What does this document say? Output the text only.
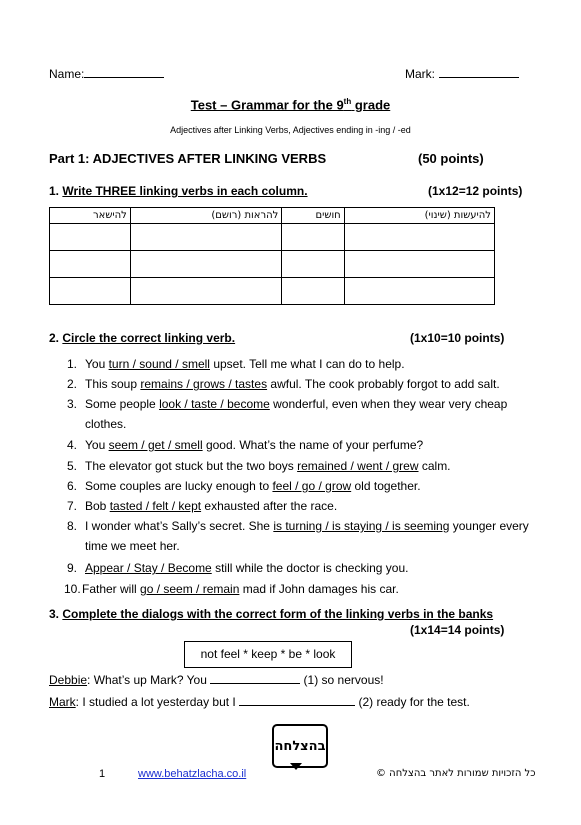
Name:	Mark:
Test – Grammar for the 9th grade
Adjectives after Linking Verbs, Adjectives ending in -ing / -ed
Part 1: ADJECTIVES AFTER LINKING VERBS	(50 points)
1. Write THREE linking verbs in each column.	(1x12=12 points)
להישאר	להראות (רושם)	חושים	להיעשות (שינוי)

2. Circle the correct linking verb.	(1x10=10 points)
1. You turn / sound / smell upset. Tell me what I can do to help.
2. This soup remains / grows / tastes awful. The cook probably forgot to add salt.
3. Some people look / taste / become wonderful, even when they wear very cheap
clothes.
4. You seem / get / smell good. What’s the name of your perfume?
5. The elevator got stuck but the two boys remained / went / grew calm.
6. Some couples are lucky enough to feel / go / grow old together.
7. Bob tasted / felt / kept exhausted after the race.
8. I wonder what’s Sally’s secret. She is turning / is staying / is seeming younger every
time we meet her.
9. Appear / Stay / Become still while the doctor is checking you.
10.Father will go / seem / remain mad if John damages his car.
3. Complete the dialogs with the correct form of the linking verbs in the banks
(1x14=14 points)
not feel * keep * be * look
Debbie: What’s up Mark? You	(1) so nervous!
Mark: I studied a lot yesterday but I	(2) ready for the test.
בהצלחה
1	www.behatzlacha.co.il	כל הזכויות שמורות לאתר בהצלחה ©
